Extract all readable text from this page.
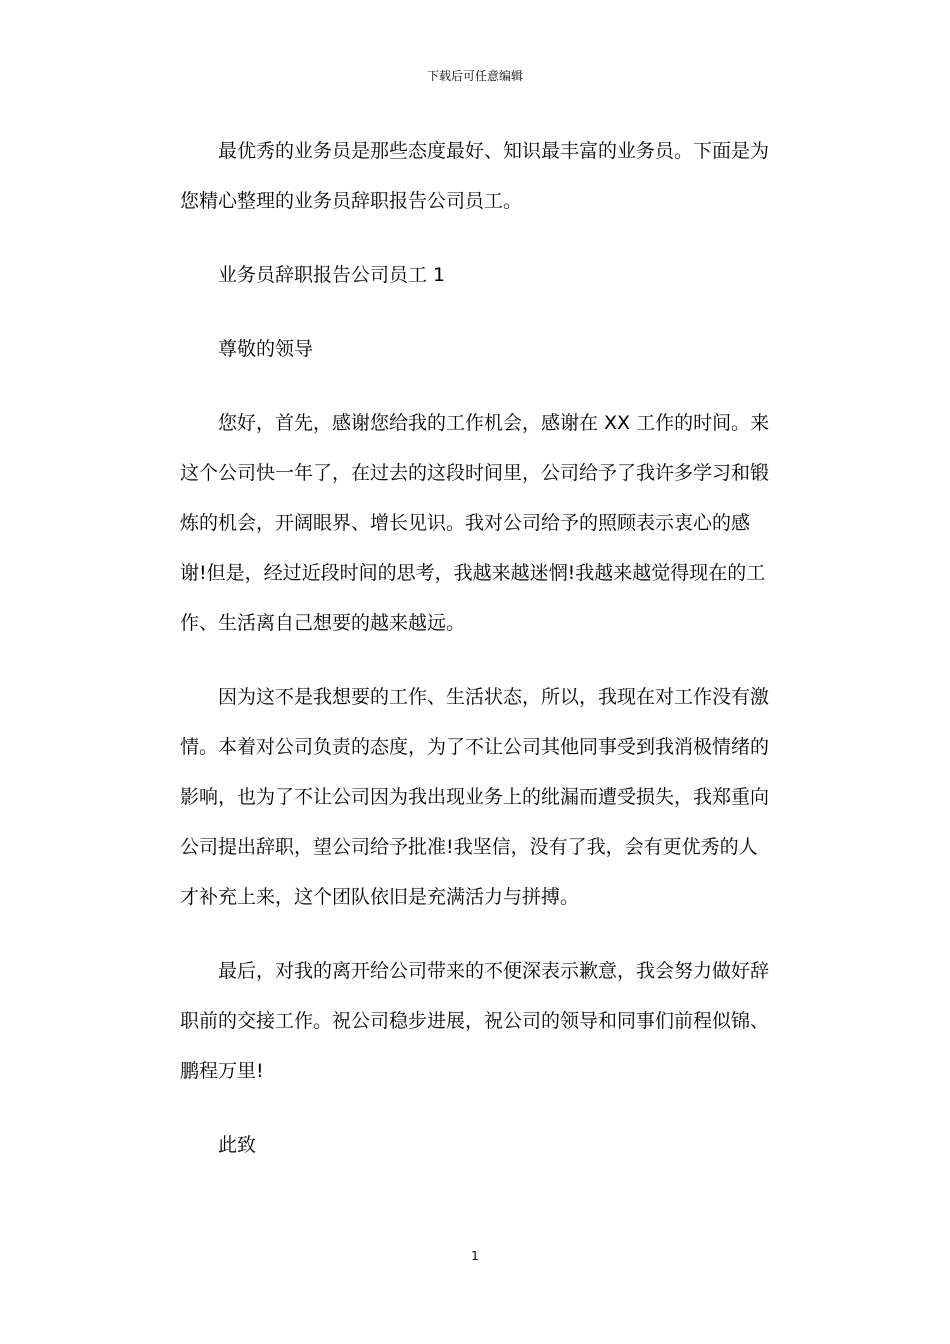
下载后可任意编辑

最优秀的业务员是那些态度最好、知识最丰富的业务员。下面是为您精心整理的业务员辞职报告公司员工。

业务员辞职报告公司员工 1

尊敬的领导

您好，首先，感谢您给我的工作机会，感谢在 XX 工作的时间。来这个公司快一年了，在过去的这段时间里，公司给予了我许多学习和锻炼的机会，开阔眼界、增长见识。我对公司给予的照顾表示衷心的感谢!但是，经过近段时间的思考，我越来越迷惘!我越来越觉得现在的工作、生活离自己想要的越来越远。

因为这不是我想要的工作、生活状态，所以，我现在对工作没有激情。本着对公司负责的态度，为了不让公司其他同事受到我消极情绪的影响，也为了不让公司因为我出现业务上的纰漏而遭受损失，我郑重向公司提出辞职，望公司给予批准!我坚信，没有了我，会有更优秀的人才补充上来，这个团队依旧是充满活力与拼搏。

最后，对我的离开给公司带来的不便深表示歉意，我会努力做好辞职前的交接工作。祝公司稳步进展，祝公司的领导和同事们前程似锦、鹏程万里!

此致

1
